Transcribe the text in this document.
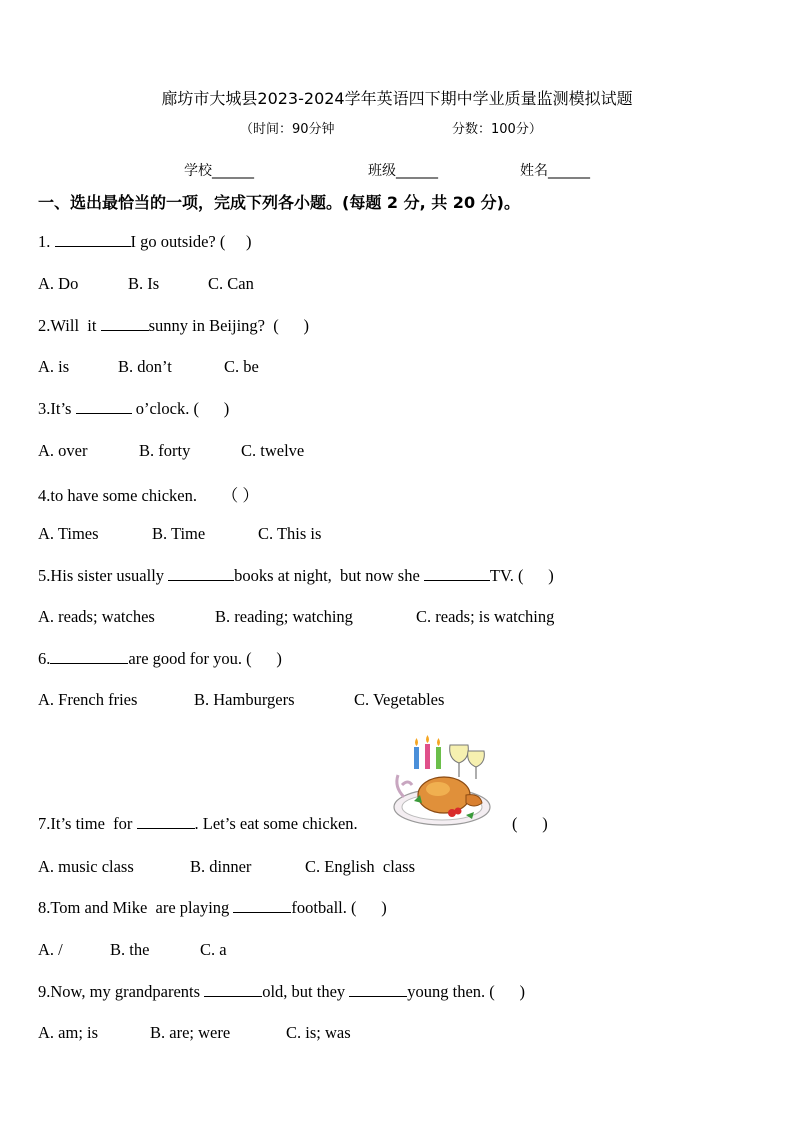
廊坊市大城县2023-2024学年英语四下期中学业质量监测模拟试题
（时间：90分钟	分数：100分）
学校______	班级______	姓名______
一、选出最恰当的一项，完成下列各小题。(每题 2 分, 共 20 分)。
1.	I go outside? (     )
A. Do	B. Is	C. Can
2.Will  it	sunny in Beijing?  (      )
A. is	B. don’t	C. be
3.It’s	o’clock. (      )
A. over	B. forty	C. twelve
4.to have some chicken.      （ ）
A. Times	B. Time	C. This is
5.His sister usually	books at night,  but now she	TV. (      )
A. reads; watches	B. reading; watching	C. reads; is watching
6.	are good for you. (      )
A. French fries	B. Hamburgers	C. Vegetables
7.It’s time  for	. Let’s eat some chicken.	(      )
A. music class	B. dinner	C. English  class
8.Tom and Mike  are playing	football. (      )
A. /	B. the	C. a
9.Now, my grandparents	old, but they	young then. (      )
A. am; is	B. are; were	C. is; was
